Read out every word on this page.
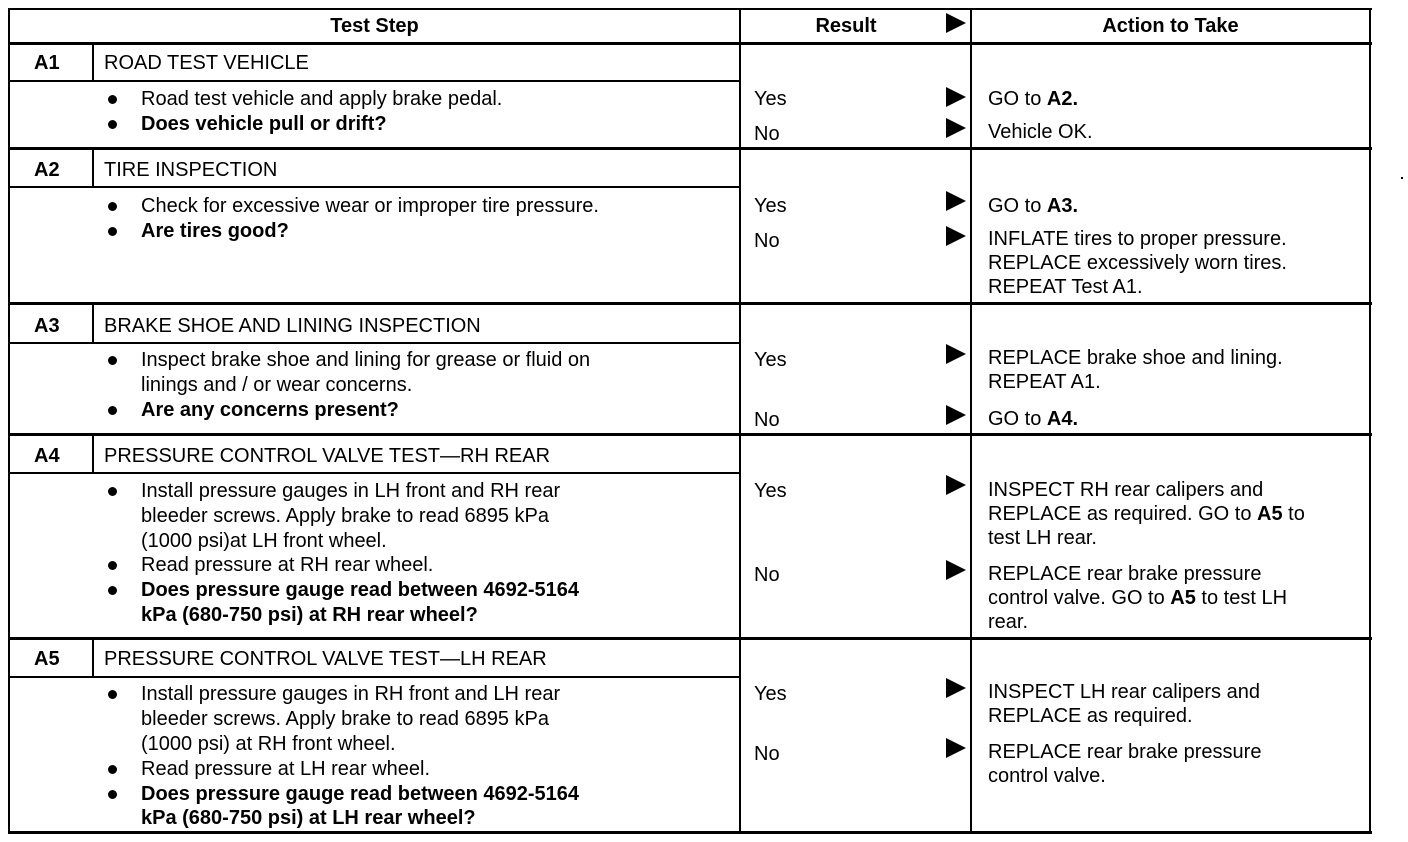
Test Step	Result	Action to Take
A1 ROAD TEST VEHICLE
Road test vehicle and apply brake pedal.
Does vehicle pull or drift?
Yes	GO to A2.
No	Vehicle OK.
A2 TIRE INSPECTION
Check for excessive wear or improper tire pressure.
Are tires good?
Yes	GO to A3.
No	INFLATE tires to proper pressure.
REPLACE excessively worn tires.
REPEAT Test A1.
A3 BRAKE SHOE AND LINING INSPECTION
Inspect brake shoe and lining for grease or fluid on
linings and / or wear concerns.
Are any concerns present?
Yes	REPLACE brake shoe and lining.
REPEAT A1.
No	GO to A4.
A4 PRESSURE CONTROL VALVE TEST—RH REAR
Install pressure gauges in LH front and RH rear
bleeder screws. Apply brake to read 6895 kPa
(1000 psi)at LH front wheel.
Read pressure at RH rear wheel.
Does pressure gauge read between 4692-5164
kPa (680-750 psi) at RH rear wheel?
Yes	INSPECT RH rear calipers and
REPLACE as required. GO to A5 to
test LH rear.
No	REPLACE rear brake pressure
control valve. GO to A5 to test LH
rear.
A5 PRESSURE CONTROL VALVE TEST—LH REAR
Install pressure gauges in RH front and LH rear
bleeder screws. Apply brake to read 6895 kPa
(1000 psi) at RH front wheel.
Read pressure at LH rear wheel.
Does pressure gauge read between 4692-5164
kPa (680-750 psi) at LH rear wheel?
Yes	INSPECT LH rear calipers and
REPLACE as required.
No	REPLACE rear brake pressure
control valve.
